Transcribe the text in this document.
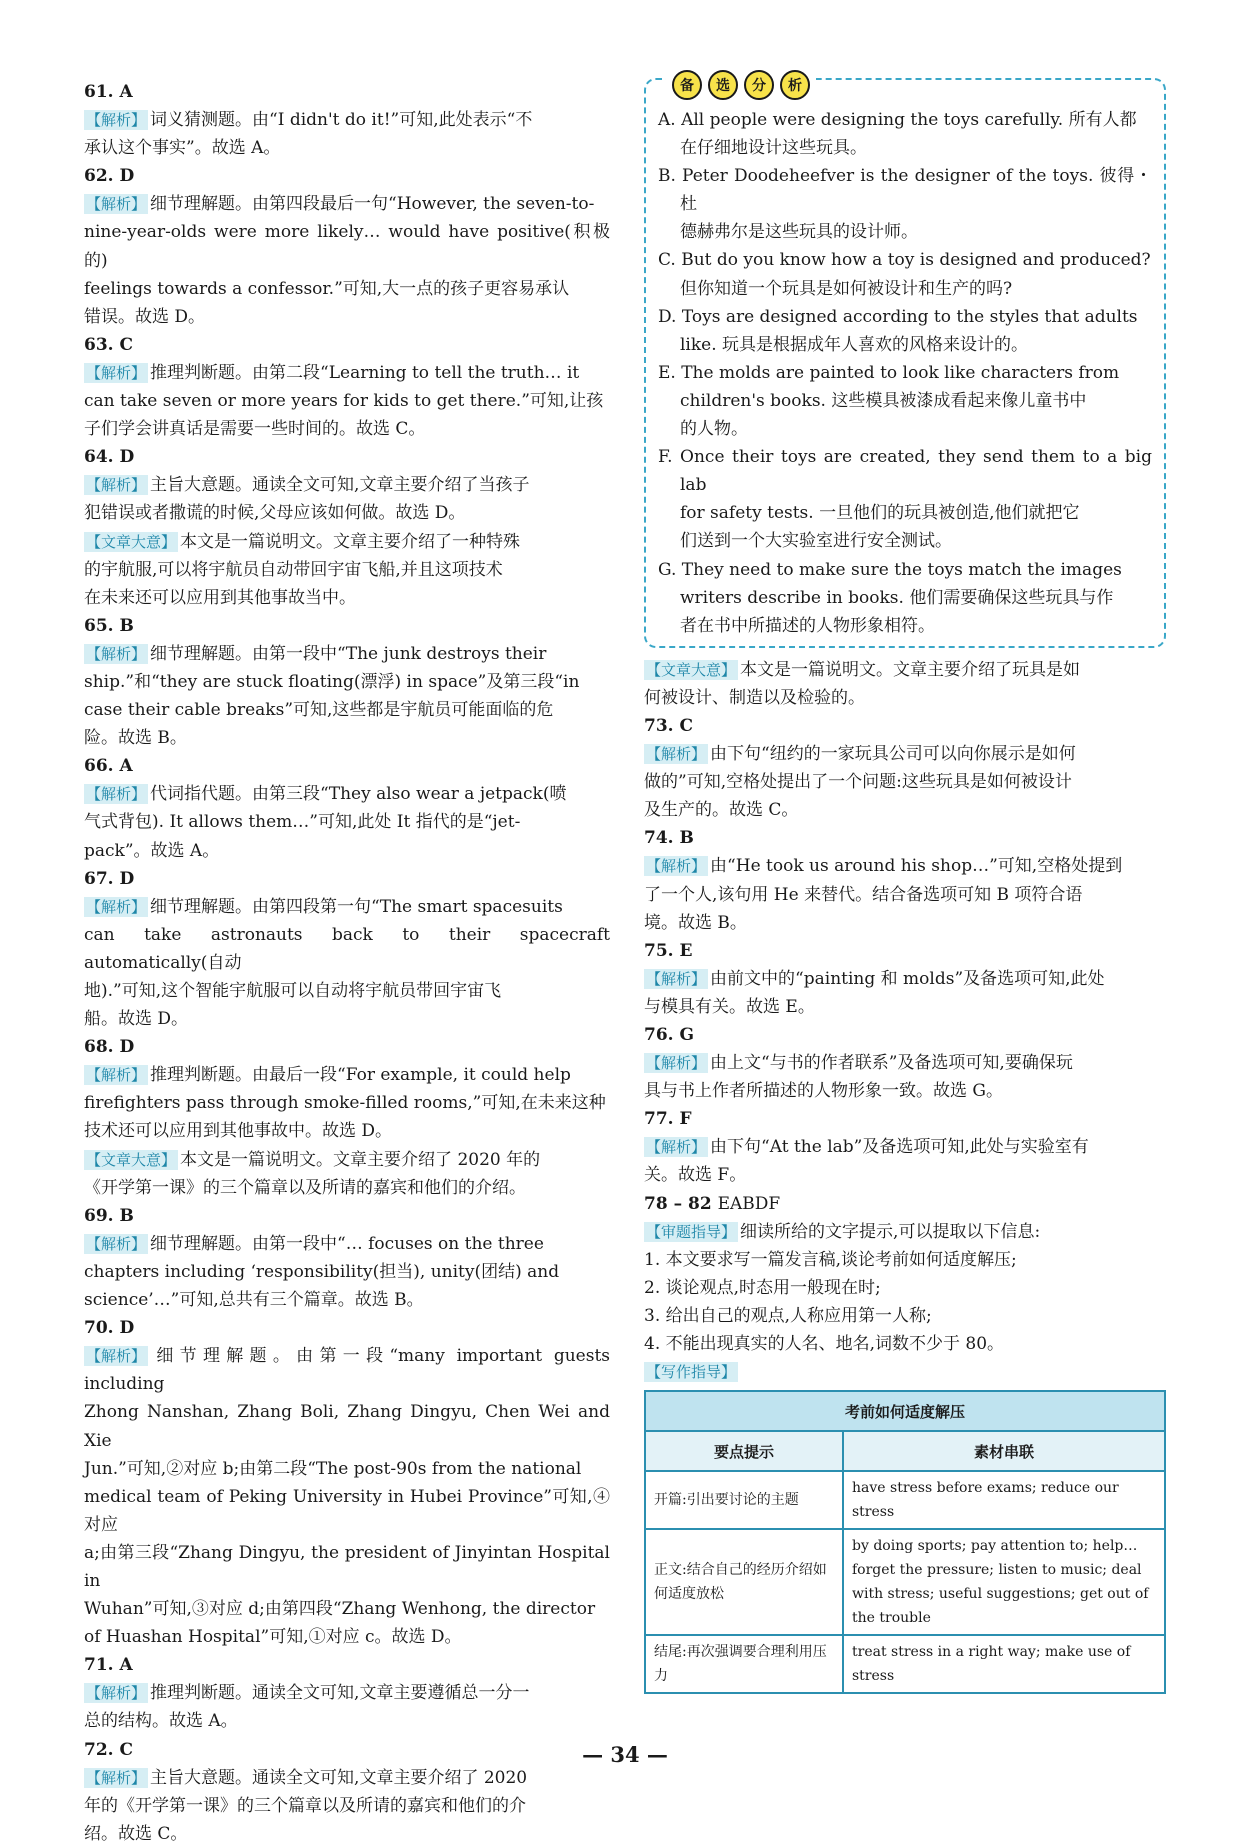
61. A

【 解析 】 词义猜测题。由“I didn't do it!”可知,此处表示“不

承认这个事实”。故选 A。

62. D

【 解析 】 细节理解题。由第四段最后一句“However, the seven-to-

nine-year-olds were more likely… would have positive(积极的)

feelings towards a confessor.”可知,大一点的孩子更容易承认

错误。故选 D。

63. C

【 解析 】 推理判断题。由第二段“Learning to tell the truth… it

can take seven or more years for kids to get there.”可知,让孩

子们学会讲真话是需要一些时间的。故选 C。

64. D

【 解析 】 主旨大意题。通读全文可知,文章主要介绍了当孩子

犯错误或者撒谎的时候,父母应该如何做。故选 D。

【 文章大意 】 本文是一篇说明文。文章主要介绍了一种特殊

的宇航服,可以将宇航员自动带回宇宙飞船,并且这项技术

在未来还可以应用到其他事故当中。

65. B

【 解析 】 细节理解题。由第一段中“The junk destroys their

ship.”和“they are stuck floating(漂浮) in space”及第三段“in

case their cable breaks”可知,这些都是宇航员可能面临的危

险。故选 B。

66. A

【 解析 】 代词指代题。由第三段“They also wear a jetpack(喷

气式背包). It allows them…”可知,此处 It 指代的是“jet-

pack”。故选 A。

67. D

【 解析 】 细节理解题。由第四段第一句“The smart spacesuits

can take astronauts back to their spacecraft automatically(自动

地).”可知,这个智能宇航服可以自动将宇航员带回宇宙飞

船。故选 D。

68. D

【 解析 】 推理判断题。由最后一段“For example, it could help

firefighters pass through smoke-filled rooms,”可知,在未来这种

技术还可以应用到其他事故中。故选 D。

【 文章大意 】 本文是一篇说明文。文章主要介绍了 2020 年的

《开学第一课》的三个篇章以及所请的嘉宾和他们的介绍。

69. B

【 解析 】 细节理解题。由第一段中“… focuses on the three

chapters including ‘responsibility(担当), unity(团结) and

science’…”可知,总共有三个篇章。故选 B。

70. D

【 解析 】 细节理解题。由第一段“many important guests including

Zhong Nanshan, Zhang Boli, Zhang Dingyu, Chen Wei and Xie

Jun.”可知,②对应 b;由第二段“The post-90s from the national

medical team of Peking University in Hubei Province”可知,④对应

a;由第三段“Zhang Dingyu, the president of Jinyintan Hospital in

Wuhan”可知,③对应 d;由第四段“Zhang Wenhong, the director

of Huashan Hospital”可知,①对应 c。故选 D。

71. A

【 解析 】 推理判断题。通读全文可知,文章主要遵循总一分一

总的结构。故选 A。

72. C

【 解析 】 主旨大意题。通读全文可知,文章主要介绍了 2020

年的《开学第一课》的三个篇章以及所请的嘉宾和他们的介

绍。故选 C。

备	选	分	析

A. All people were designing the toys carefully. 所有人都

在仔细地设计这些玩具。

B. Peter Doodeheefver is the designer of the toys. 彼得・杜

德赫弗尔是这些玩具的设计师。

C. But do you know how a toy is designed and produced?

但你知道一个玩具是如何被设计和生产的吗?

D. Toys are designed according to the styles that adults

like. 玩具是根据成年人喜欢的风格来设计的。

E. The molds are painted to look like characters from

children's books. 这些模具被漆成看起来像儿童书中

的人物。

F. Once their toys are created, they send them to a big lab

for safety tests. 一旦他们的玩具被创造,他们就把它

们送到一个大实验室进行安全测试。

G. They need to make sure the toys match the images

writers describe in books. 他们需要确保这些玩具与作

者在书中所描述的人物形象相符。

【 文章大意 】 本文是一篇说明文。文章主要介绍了玩具是如

何被设计、制造以及检验的。

73. C

【 解析 】 由下句“纽约的一家玩具公司可以向你展示是如何

做的”可知,空格处提出了一个问题:这些玩具是如何被设计

及生产的。故选 C。

74. B

【 解析 】 由“He took us around his shop…”可知,空格处提到

了一个人,该句用 He 来替代。结合备选项可知 B 项符合语

境。故选 B。

75. E

【 解析 】 由前文中的“painting 和 molds”及备选项可知,此处

与模具有关。故选 E。

76. G

【 解析 】 由上文“与书的作者联系”及备选项可知,要确保玩

具与书上作者所描述的人物形象一致。故选 G。

77. F

【 解析 】 由下句“At the lab”及备选项可知,此处与实验室有

关。故选 F。

78 – 82 EABDF

【 审题指导 】 细读所给的文字提示,可以提取以下信息:

1. 本文要求写一篇发言稿,谈论考前如何适度解压;

2. 谈论观点,时态用一般现在时;

3. 给出自己的观点,人称应用第一人称;

4. 不能出现真实的人名、地名,词数不少于 80。

【 写作指导 】

考前如何适度解压	
要点提示	素材串联
开篇:引出要讨论的主题	have stress before exams; reduce our stress
正文:结合自己的经历介绍如何适度放松	by doing sports; pay attention to; help… forget the pressure; listen to music; deal with stress; useful suggestions; get out of the trouble
结尾:再次强调要合理利用压力	treat stress in a right way; make use of stress
— 34 —
